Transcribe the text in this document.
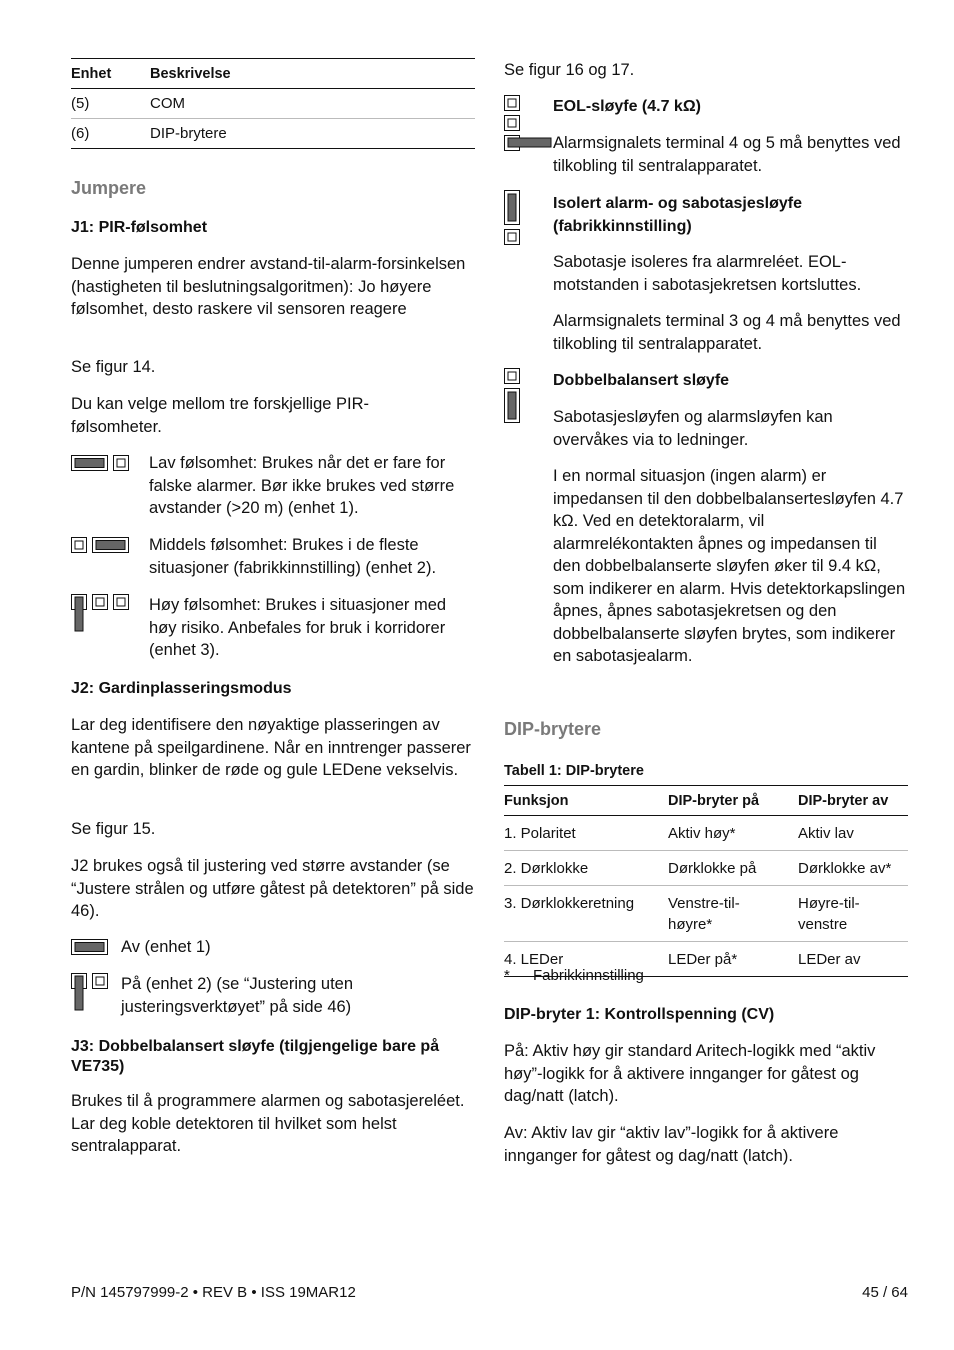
Enhet	Beskrivelse
(5)	COM
(6)	DIP-brytere
Jumpere
J1: PIR-følsomhet

Denne jumperen endrer avstand-til-alarm-forsinkelsen (hastigheten til beslutningsalgoritmen): Jo høyere følsomhet, desto raskere vil sensoren reagere

Se figur 14.

Du kan velge mellom tre forskjellige PIR-følsomheter.

Lav følsomhet: Brukes når det er fare for falske alarmer. Bør ikke brukes ved større avstander (>20 m) (enhet 1).

Middels følsomhet: Brukes i de fleste situasjoner (fabrikkinnstilling) (enhet 2).

Høy følsomhet: Brukes i situasjoner med høy risiko. Anbefales for bruk i korridorer (enhet 3).

J2: Gardinplasseringsmodus

Lar deg identifisere den nøyaktige plasseringen av kantene på speilgardinene. Når en inntrenger passerer en gardin, blinker de røde og gule LEDene vekselvis.

Se figur 15.

J2 brukes også til justering ved større avstander (se “Justere strålen og utføre gåtest på detektoren” på side 46).

Av (enhet 1)

På (enhet 2) (se “Justering uten justeringsverktøyet” på side 46)

J3: Dobbelbalansert sløyfe (tilgjengelige bare på VE735)

Brukes til å programmere alarmen og sabotasjereléet. Lar deg koble detektoren til hvilket som helst sentralapparat.

Se figur 16 og 17.

EOL-sløyfe (4.7 kΩ)

Alarmsignalets terminal 4 og 5 må benyttes ved tilkobling til sentralapparatet.

Isolert alarm- og sabotasjesløyfe (fabrikkinnstilling)

Sabotasje isoleres fra alarmreléet. EOL-motstanden i sabotasjekretsen kortsluttes.

Alarmsignalets terminal 3 og 4 må benyttes ved tilkobling til sentralapparatet.

Dobbelbalansert sløyfe

Sabotasjesløyfen og alarmsløyfen kan overvåkes via to ledninger.

I en normal situasjon (ingen alarm) er impedansen til den dobbelbalansertesløyfen 4.7 kΩ. Ved en detektoralarm, vil alarmrelékontakten åpnes og impedansen til den dobbelbalanserte sløyfen øker til 9.4 kΩ, som indikerer en alarm. Hvis detektorkapslingen åpnes, åpnes sabotasjekretsen og den dobbelbalanserte sløyfen brytes, som indikerer en sabotasjealarm.

DIP-brytere
Tabell 1: DIP-brytere
Funksjon	DIP-bryter på	DIP-bryter av
1. Polaritet	Aktiv høy*	Aktiv lav
2. Dørklokke	Dørklokke på	Dørklokke av*
3. Dørklokkeretning	Venstre-til-høyre*	Høyre-til-venstre
4. LEDer	LEDer på*	LEDer av
* Fabrikkinnstilling
DIP-bryter 1: Kontrollspenning (CV)

På: Aktiv høy gir standard Aritech-logikk med “aktiv høy”-logikk for å aktivere innganger for gåtest og dag/natt (latch).

Av: Aktiv lav gir “aktiv lav”-logikk for å aktivere innganger for gåtest og dag/natt (latch).

P/N 145797999-2 • REV B • ISS 19MAR12	45 / 64
